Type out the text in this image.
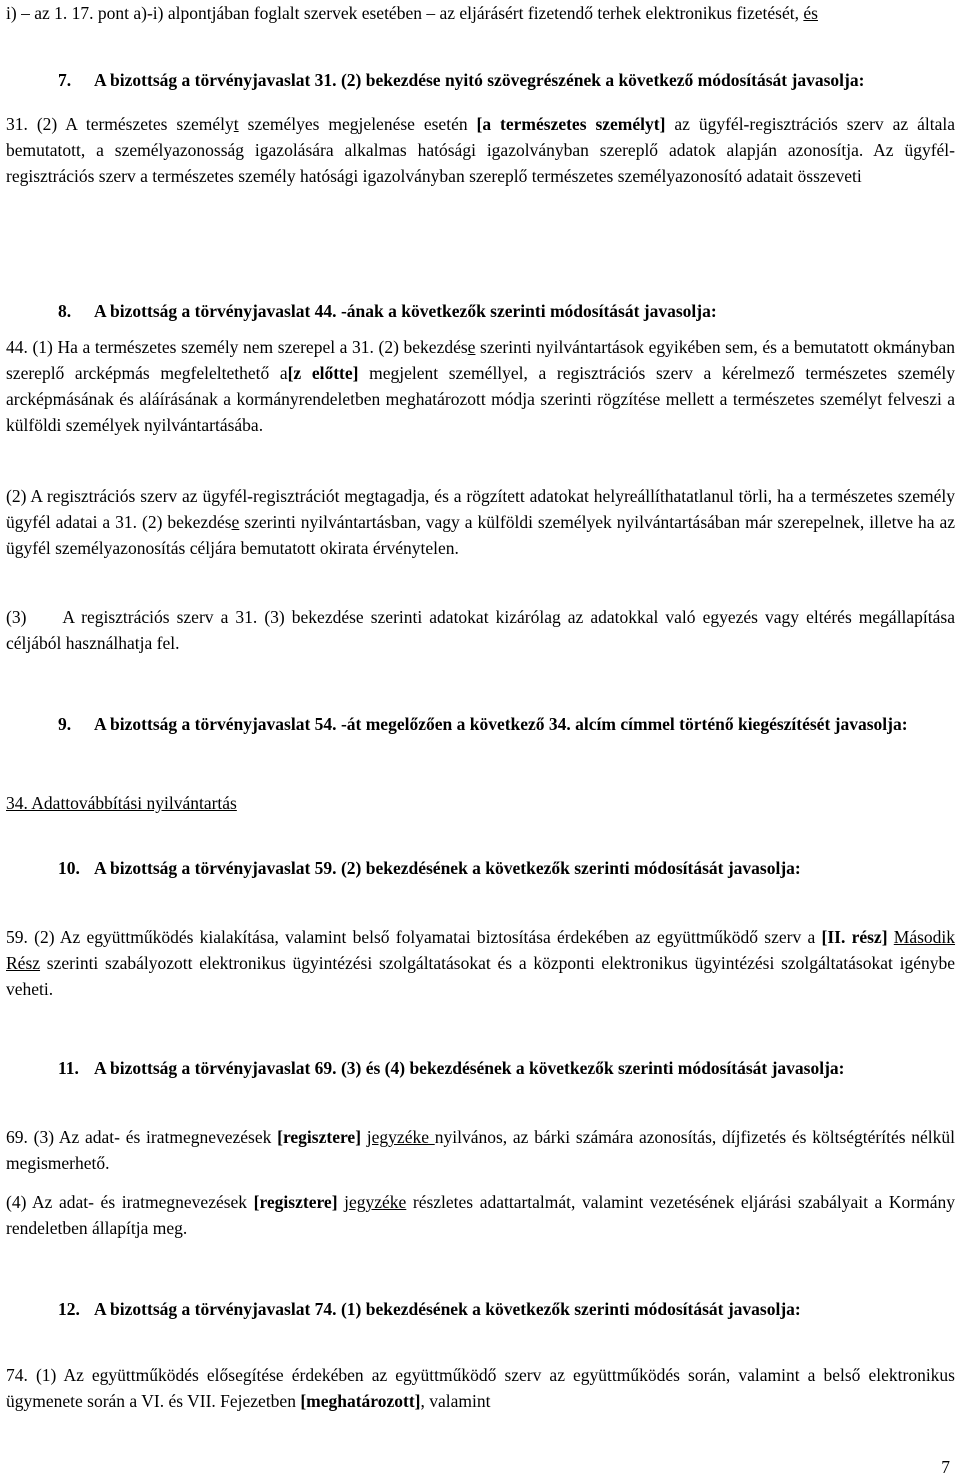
i) – az 1. 17. pont a)-i) alpontjában foglalt szervek esetében – az eljárásért fizetendő terhek elektronikus fizetését, és

7. A bizottság a törvényjavaslat 31. (2) bekezdése nyitó szövegrészének a következő módosítását javasolja:

31. (2) A természetes személyt személyes megjelenése esetén [a természetes személyt] az ügyfél-regisztrációs szerv az általa bemutatott, a személyazonosság igazolására alkalmas hatósági igazolványban szereplő adatok alapján azonosítja. Az ügyfél-regisztrációs szerv a természetes személy hatósági igazolványban szereplő természetes személyazonosító adatait összeveti

8. A bizottság a törvényjavaslat 44. -ának a következők szerinti módosítását javasolja:

44. (1) Ha a természetes személy nem szerepel a 31. (2) bekezdése szerinti nyilvántartások egyikében sem, és a bemutatott okmányban szereplő arcképmás megfeleltethető a[z előtte] megjelent személlyel, a regisztrációs szerv a kérelmező természetes személy arcképmásának és aláírásának a kormányrendeletben meghatározott módja szerinti rögzítése mellett a természetes személyt felveszi a külföldi személyek nyilvántartásába.

(2) A regisztrációs szerv az ügyfél-regisztrációt megtagadja, és a rögzített adatokat helyreállíthatatlanul törli, ha a természetes személy ügyfél adatai a 31. (2) bekezdése szerinti nyilvántartásban, vagy a külföldi személyek nyilvántartásában már szerepelnek, illetve ha az ügyfél személyazonosítás céljára bemutatott okirata érvénytelen.

(3) A regisztrációs szerv a 31. (3) bekezdése szerinti adatokat kizárólag az adatokkal való egyezés vagy eltérés megállapítása céljából használhatja fel.

9. A bizottság a törvényjavaslat 54. -át megelőzően a következő 34. alcím címmel történő kiegészítését javasolja:

34. Adattovábbítási nyilvántartás

10. A bizottság a törvényjavaslat 59. (2) bekezdésének a következők szerinti módosítását javasolja:

59. (2) Az együttműködés kialakítása, valamint belső folyamatai biztosítása érdekében az együttműködő szerv a [II. rész] Második Rész szerinti szabályozott elektronikus ügyintézési szolgáltatásokat és a központi elektronikus ügyintézési szolgáltatásokat igénybe veheti.

11. A bizottság a törvényjavaslat 69. (3) és (4) bekezdésének a következők szerinti módosítását javasolja:

69. (3) Az adat- és iratmegnevezések [regisztere] jegyzéke nyilvános, az bárki számára azonosítás, díjfizetés és költségtérítés nélkül megismerhető.

(4) Az adat- és iratmegnevezések [regisztere] jegyzéke részletes adattartalmát, valamint vezetésének eljárási szabályait a Kormány rendeletben állapítja meg.

12. A bizottság a törvényjavaslat 74. (1) bekezdésének a következők szerinti módosítását javasolja:

74. (1) Az együttműködés elősegítése érdekében az együttműködő szerv az együttműködés során, valamint a belső elektronikus ügymenete során a VI. és VII. Fejezetben [meghatározott], valamint

7
